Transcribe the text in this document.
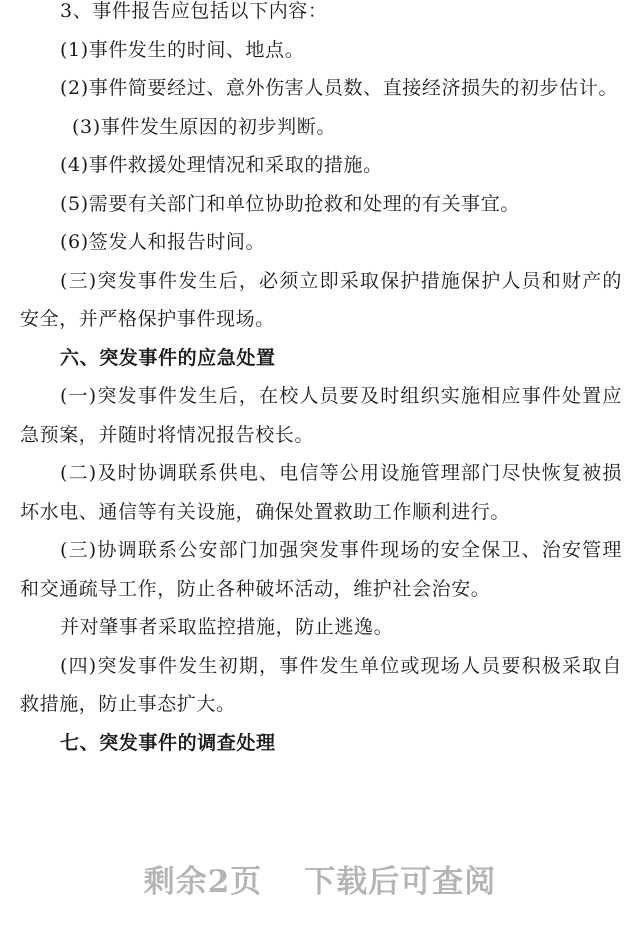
3、事件报告应包括以下内容：

(1)事件发生的时间、地点。

(2)事件简要经过、意外伤害人员数、直接经济损失的初步估计。

(3)事件发生原因的初步判断。

(4)事件救援处理情况和采取的措施。

(5)需要有关部门和单位协助抢救和处理的有关事宜。

(6)签发人和报告时间。

(三)突发事件发生后，必须立即采取保护措施保护人员和财产的安全，并严格保护事件现场。

六、突发事件的应急处置

(一)突发事件发生后，在校人员要及时组织实施相应事件处置应急预案，并随时将情况报告校长。

(二)及时协调联系供电、电信等公用设施管理部门尽快恢复被损坏水电、通信等有关设施，确保处置救助工作顺利进行。

(三)协调联系公安部门加强突发事件现场的安全保卫、治安管理和交通疏导工作，防止各种破坏活动，维护社会治安。

并对肇事者采取监控措施，防止逃逸。

(四)突发事件发生初期，事件发生单位或现场人员要积极采取自救措施，防止事态扩大。

七、突发事件的调查处理

剩余2页 下载后可查阅
